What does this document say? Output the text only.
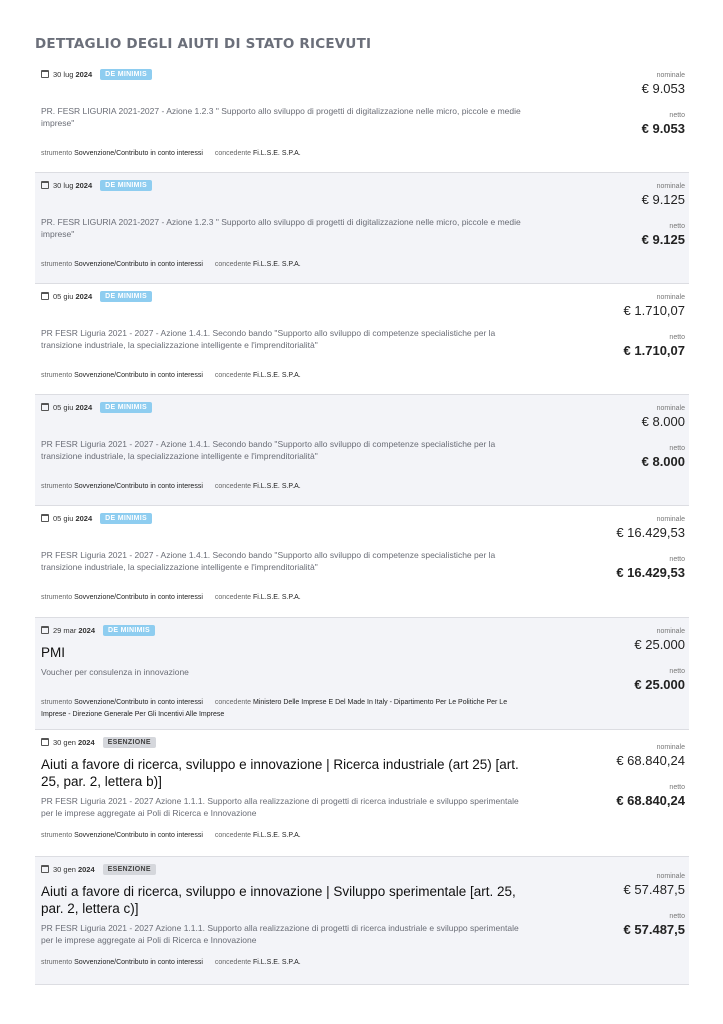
DETTAGLIO DEGLI AIUTI DI STATO RICEVUTI
30 lug 2024	DE MINIMIS
PR. FESR LIGURIA 2021-2027 - Azione 1.2.3 " Supporto allo sviluppo di progetti di digitalizzazione nelle micro, piccole e medie imprese"
strumento Sovvenzione/Contributo in conto interessi concedente Fi.L.S.E. S.P.A.
nominale
€ 9.053
netto
€ 9.053
30 lug 2024	DE MINIMIS
PR. FESR LIGURIA 2021-2027 - Azione 1.2.3 " Supporto allo sviluppo di progetti di digitalizzazione nelle micro, piccole e medie imprese"
strumento Sovvenzione/Contributo in conto interessi concedente Fi.L.S.E. S.P.A.
nominale
€ 9.125
netto
€ 9.125
05 giu 2024	DE MINIMIS
PR FESR Liguria 2021 - 2027 - Azione 1.4.1. Secondo bando "Supporto allo sviluppo di competenze specialistiche per la transizione industriale, la specializzazione intelligente e l'imprenditorialità"
strumento Sovvenzione/Contributo in conto interessi concedente Fi.L.S.E. S.P.A.
nominale
€ 1.710,07
netto
€ 1.710,07
05 giu 2024	DE MINIMIS
PR FESR Liguria 2021 - 2027 - Azione 1.4.1. Secondo bando "Supporto allo sviluppo di competenze specialistiche per la transizione industriale, la specializzazione intelligente e l'imprenditorialità"
strumento Sovvenzione/Contributo in conto interessi concedente Fi.L.S.E. S.P.A.
nominale
€ 8.000
netto
€ 8.000
05 giu 2024	DE MINIMIS
PR FESR Liguria 2021 - 2027 - Azione 1.4.1. Secondo bando "Supporto allo sviluppo di competenze specialistiche per la transizione industriale, la specializzazione intelligente e l'imprenditorialità"
strumento Sovvenzione/Contributo in conto interessi concedente Fi.L.S.E. S.P.A.
nominale
€ 16.429,53
netto
€ 16.429,53
29 mar 2024	DE MINIMIS
PMI
Voucher per consulenza in innovazione
strumento Sovvenzione/Contributo in conto interessi concedente Ministero Delle Imprese E Del Made In Italy - Dipartimento Per Le Politiche Per Le Imprese - Direzione Generale Per Gli Incentivi Alle Imprese
nominale
€ 25.000
netto
€ 25.000
30 gen 2024	ESENZIONE
Aiuti a favore di ricerca, sviluppo e innovazione | Ricerca industriale (art 25) [art. 25, par. 2, lettera b)]
PR FESR Liguria 2021 - 2027 Azione 1.1.1. Supporto alla realizzazione di progetti di ricerca industriale e sviluppo sperimentale per le imprese aggregate ai Poli di Ricerca e Innovazione
strumento Sovvenzione/Contributo in conto interessi concedente Fi.L.S.E. S.P.A.
nominale
€ 68.840,24
netto
€ 68.840,24
30 gen 2024	ESENZIONE
Aiuti a favore di ricerca, sviluppo e innovazione | Sviluppo sperimentale [art. 25, par. 2, lettera c)]
PR FESR Liguria 2021 - 2027 Azione 1.1.1. Supporto alla realizzazione di progetti di ricerca industriale e sviluppo sperimentale per le imprese aggregate ai Poli di Ricerca e Innovazione
strumento Sovvenzione/Contributo in conto interessi concedente Fi.L.S.E. S.P.A.
nominale
€ 57.487,5
netto
€ 57.487,5
